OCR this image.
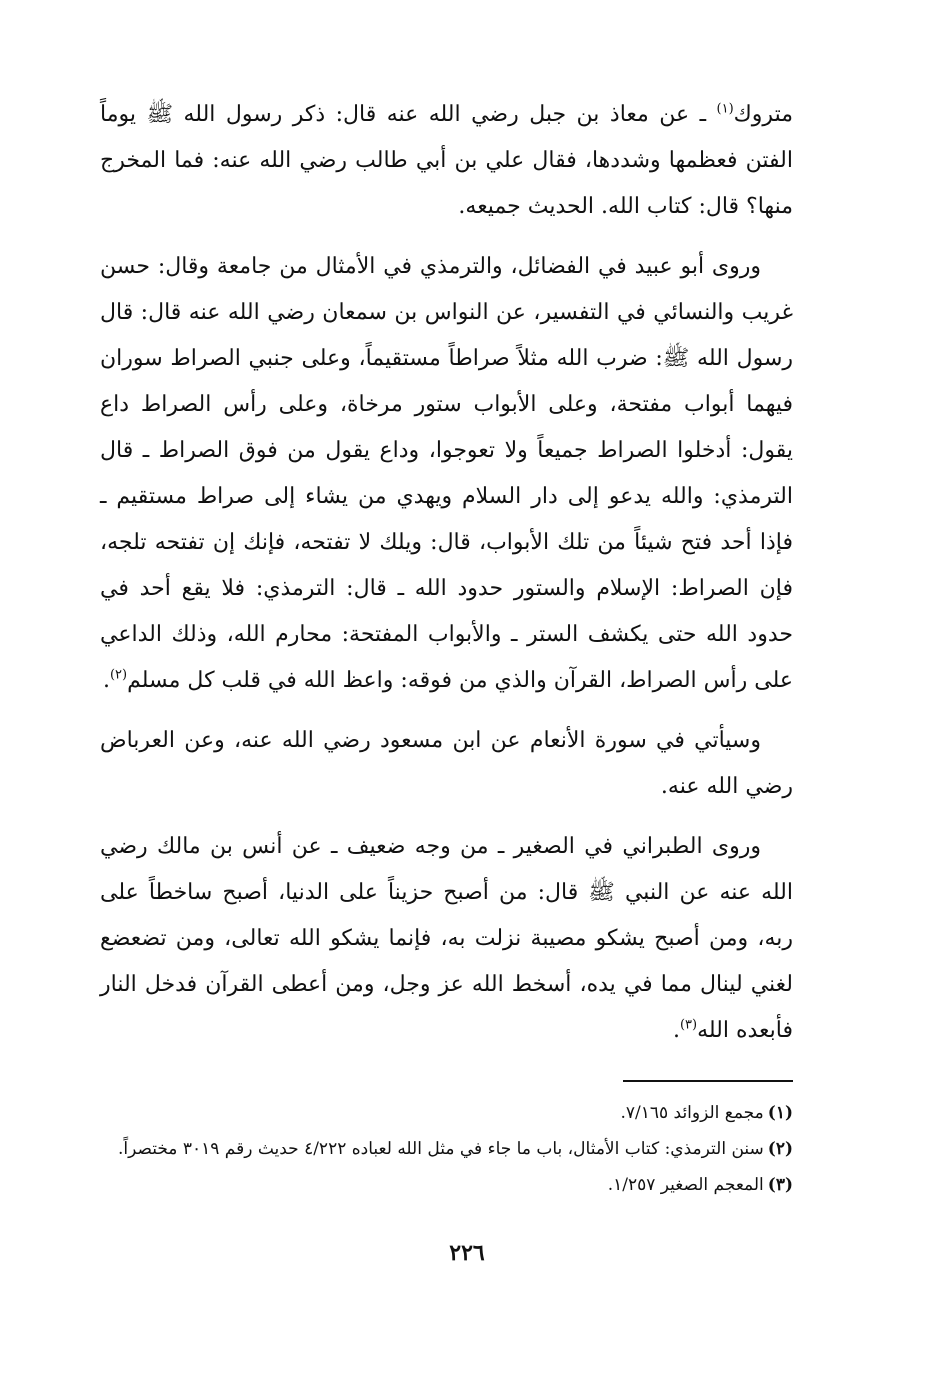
متروك$^{(١)}$ ـ عن معاذ بن جبل رضي الله عنه قال: ذكر رسول الله ﷺ يوماً الفتن فعظمها وشددها، فقال علي بن أبي طالب رضي الله عنه: فما المخرج منها؟ قال: كتاب الله. الحديث جميعه.

وروى أبو عبيد في الفضائل، والترمذي في الأمثال من جامعة وقال: حسن غريب والنسائي في التفسير، عن النواس بن سمعان رضي الله عنه قال: قال رسول الله ﷺ: ضرب الله مثلاً صراطاً مستقيماً، وعلى جنبي الصراط سوران فيهما أبواب مفتحة، وعلى الأبواب ستور مرخاة، وعلى رأس الصراط داع يقول: أدخلوا الصراط جميعاً ولا تعوجوا، وداع يقول من فوق الصراط ـ قال الترمذي: والله يدعو إلى دار السلام ويهدي من يشاء إلى صراط مستقيم ـ فإذا أحد فتح شيئاً من تلك الأبواب، قال: ويلك لا تفتحه، فإنك إن تفتحه تلجه، فإن الصراط: الإسلام والستور حدود الله ـ قال: الترمذي: فلا يقع أحد في حدود الله حتى يكشف الستر ـ والأبواب المفتحة: محارم الله، وذلك الداعي على رأس الصراط، القرآن والذي من فوقه: واعظ الله في قلب كل مسلم$^{(٢)}$.

وسيأتي في سورة الأنعام عن ابن مسعود رضي الله عنه، وعن العرباض رضي الله عنه.

وروى الطبراني في الصغير ـ من وجه ضعيف ـ عن أنس بن مالك رضي الله عنه عن النبي ﷺ قال: من أصبح حزيناً على الدنيا، أصبح ساخطاً على ربه، ومن أصبح يشكو مصيبة نزلت به، فإنما يشكو الله تعالى، ومن تضعضع لغني لينال مما في يده، أسخط الله عز وجل، ومن أعطى القرآن فدخل النار فأبعده الله$^{(٣)}$.

(١)مجمع الزوائد ٧/١٦٥.

(٢)سنن الترمذي: كتاب الأمثال، باب ما جاء في مثل الله لعباده ٤/٢٢٢ حديث رقم ٣٠١٩ مختصراً.

(٣)المعجم الصغير ١/٢٥٧.

٢٢٦
